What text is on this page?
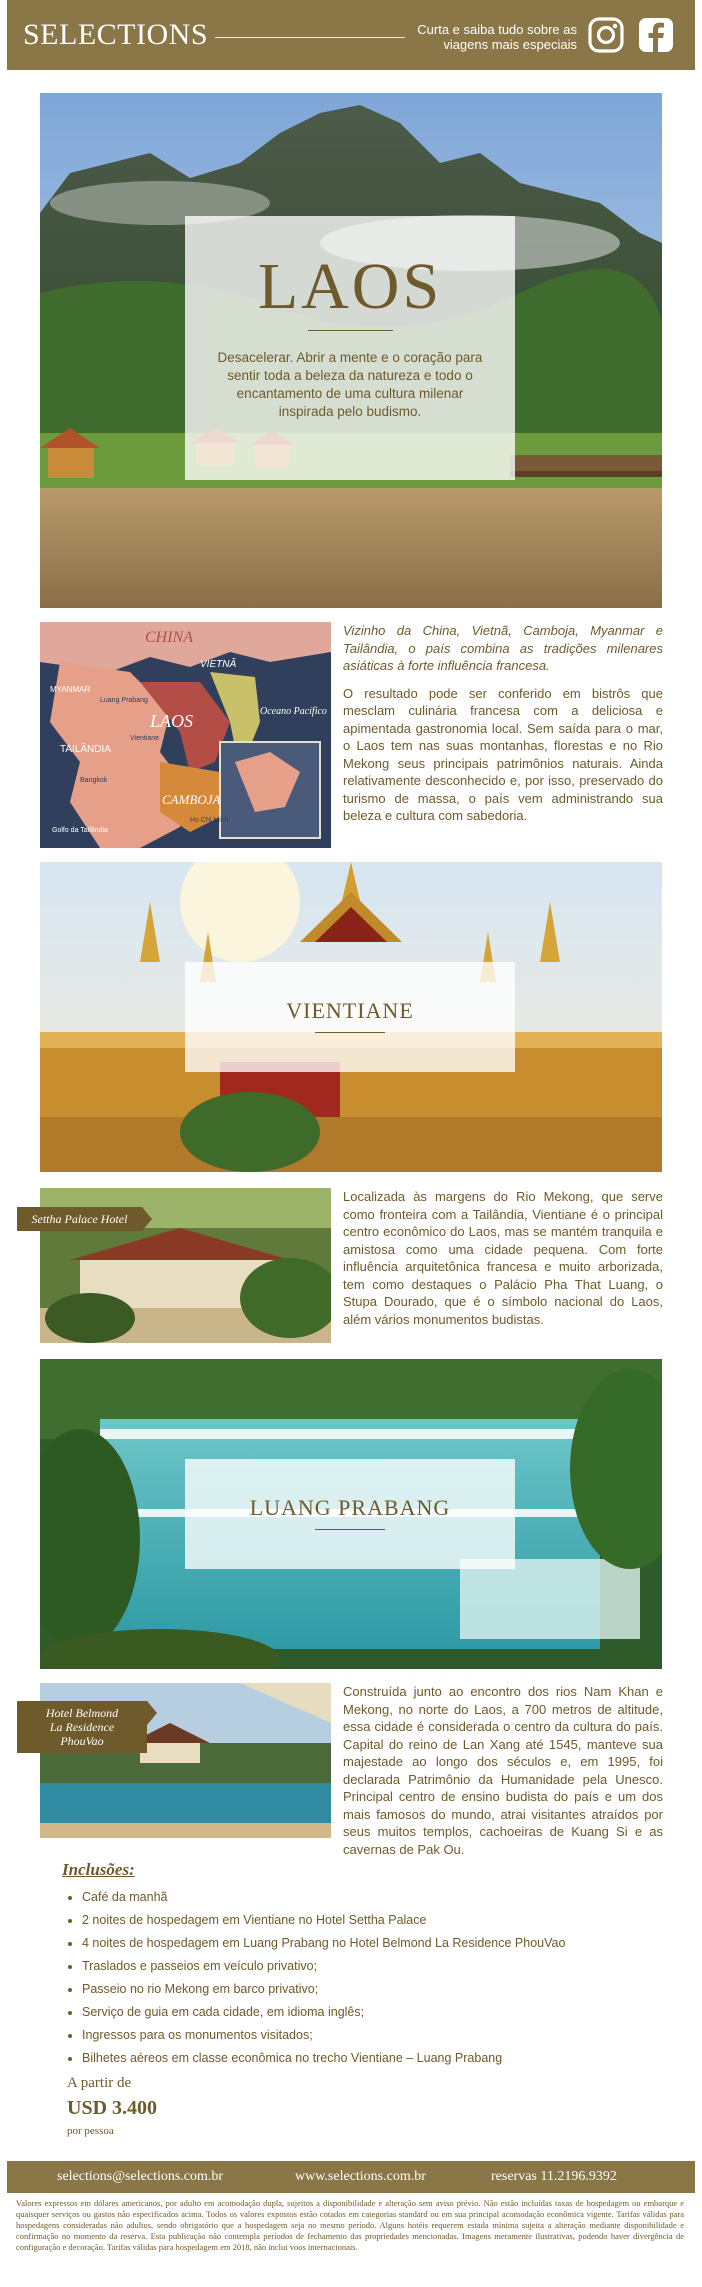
SELECTIONS	Curta e saiba tudo sobre as viagens mais especiais
LAOS
Desacelerar. Abrir a mente e o coração para sentir toda a beleza da natureza e todo o encantamento de uma cultura milenar inspirada pelo budismo.
CHINA
MYANMAR
VIETNÃ
LAOS
TAILÂNDIA
CAMBOJA
Oceano Pacífico
Golfo da Tailândia
Luang Prabang
Vientiane
Bangkok
Ho Chi Minh
Hanói

Vizinho da China, Vietnã, Camboja, Myanmar e Tailândia, o país combina as tradições milenares asiáticas à forte influência francesa.

O resultado pode ser conferido em bistrôs que mesclam culinária francesa com a deliciosa e apimentada gastronomia local. Sem saída para o mar, o Laos tem nas suas montanhas, florestas e no Rio Mekong seus principais patrimônios naturais. Ainda relativamente desconhecido e, por isso, preservado do turismo de massa, o país vem administrando sua beleza e cultura com sabedoria.

VIENTIANE
Settha Palace Hotel

Localizada às margens do Rio Mekong, que serve como fronteira com a Tailândia, Vientiane é o principal centro econômico do Laos, mas se mantém tranquila e amistosa como uma cidade pequena. Com forte influência arquitetônica francesa e muito arborizada, tem como destaques o Palácio Pha That Luang, o Stupa Dourado, que é o símbolo nacional do Laos, além vários monumentos budistas.

LUANG PRABANG
Hotel Belmond
La Residence PhouVao

Construída junto ao encontro dos rios Nam Khan e Mekong, no norte do Laos, a 700 metros de altitude, essa cidade é considerada o centro da cultura do país. Capital do reino de Lan Xang até 1545, manteve sua majestade ao longo dos séculos e, em 1995, foi declarada Patrimônio da Humanidade pela Unesco. Principal centro de ensino budista do país e um dos mais famosos do mundo, atrai visitantes atraídos por seus muitos templos, cachoeiras de Kuang Si e as cavernas de Pak Ou.

Inclusões:
• Café da manhã
• 2 noites de hospedagem em Vientiane no Hotel Settha Palace
• 4 noites de hospedagem em Luang Prabang no Hotel Belmond La Residence PhouVao
• Traslados e passeios em veículo privativo;
• Passeio no rio Mekong em barco privativo;
• Serviço de guia em cada cidade, em idioma inglês;
• Ingressos para os monumentos visitados;
• Bilhetes aéreos em classe econômica no trecho Vientiane – Luang Prabang
A partir de
USD 3.400
por pessoa
selections@selections.com.br	www.selections.com.br	reservas 11.2196.9392
Valores expressos em dólares americanos, por adulto em acomodação dupla, sujeitos a disponibilidade e alteração sem aviso prévio. Não estão incluídas taxas de hospedagem ou embarque e quaisquer serviços ou gastos não especificados acima. Todos os valores expostos estão cotados em categorias standard ou em sua principal acomodação econômica vigente. Tarifas válidas para hospedagens consideradas não adultos, sendo obrigatório que a hospedagem seja no mesmo período. Alguns hotéis requerem estada mínima sujeita a alteração mediante disponibilidade e confirmação no momento da reserva. Esta publicação não contempla períodos de fechamento das propriedades mencionadas. Imagens meramente ilustrativas, podendo haver divergência de configuração e decoração. Tarifas válidas para hospedagem em 2018, não inclui voos internacionais.
